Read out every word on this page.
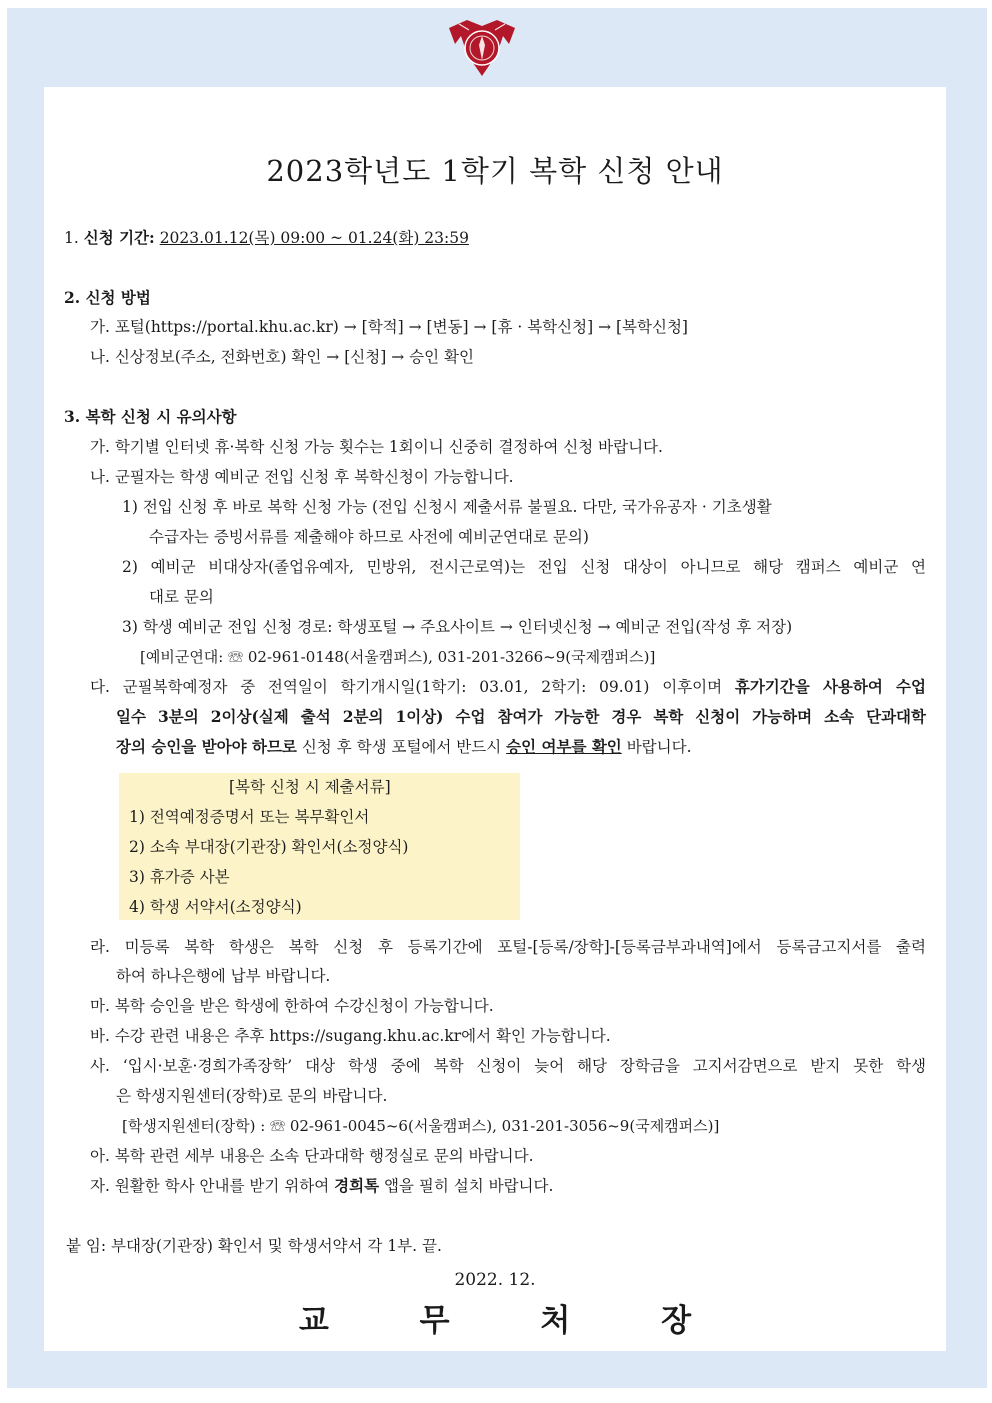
2023학년도 1학기 복학 신청 안내
1. 신청 기간: 2023.01.12(목) 09:00 ~ 01.24(화) 23:59
2. 신청 방법
가. 포털(https://portal.khu.ac.kr) → [학적] → [변동] → [휴 · 복학신청] → [복학신청]
나. 신상정보(주소, 전화번호) 확인 → [신청] → 승인 확인
3. 복학 신청 시 유의사항
가. 학기별 인터넷 휴·복학 신청 가능 횟수는 1회이니 신중히 결정하여 신청 바랍니다.
나. 군필자는 학생 예비군 전입 신청 후 복학신청이 가능합니다.
1) 전입 신청 후 바로 복학 신청 가능 (전입 신청시 제출서류 불필요. 다만, 국가유공자 · 기초생활
수급자는 증빙서류를 제출해야 하므로 사전에 예비군연대로 문의)
2) 예비군 비대상자(졸업유예자, 민방위, 전시근로역)는 전입 신청 대상이 아니므로 해당 캠퍼스 예비군 연
대로 문의
3) 학생 예비군 전입 신청 경로: 학생포털 → 주요사이트 → 인터넷신청 → 예비군 전입(작성 후 저장)
[예비군연대: ☏ 02-961-0148(서울캠퍼스), 031-201-3266~9(국제캠퍼스)]
다. 군필복학예정자 중 전역일이 학기개시일(1학기: 03.01, 2학기: 09.01) 이후이며 휴가기간을 사용하여 수업
일수 3분의 2이상(실제 출석 2분의 1이상) 수업 참여가 가능한 경우 복학 신청이 가능하며 소속 단과대학
장의 승인을 받아야 하므로 신청 후 학생 포털에서 반드시 승인 여부를 확인 바랍니다.
[복학 신청 시 제출서류]
1) 전역예정증명서 또는 복무확인서
2) 소속 부대장(기관장) 확인서(소정양식)
3) 휴가증 사본
4) 학생 서약서(소정양식)
라. 미등록 복학 학생은 복학 신청 후 등록기간에 포털-[등록/장학]-[등록금부과내역]에서 등록금고지서를 출력
하여 하나은행에 납부 바랍니다.
마. 복학 승인을 받은 학생에 한하여 수강신청이 가능합니다.
바. 수강 관련 내용은 추후 https://sugang.khu.ac.kr에서 확인 가능합니다.
사. ‘입시·보훈·경희가족장학’ 대상 학생 중에 복학 신청이 늦어 해당 장학금을 고지서감면으로 받지 못한 학생
은 학생지원센터(장학)로 문의 바랍니다.
[학생지원센터(장학) : ☏ 02-961-0045~6(서울캠퍼스), 031-201-3056~9(국제캠퍼스)]
아. 복학 관련 세부 내용은 소속 단과대학 행정실로 문의 바랍니다.
자. 원활한 학사 안내를 받기 위하여 경희톡 앱을 필히 설치 바랍니다.
붙 임: 부대장(기관장) 확인서 및 학생서약서 각 1부. 끝.
2022. 12.
교 무 처 장
